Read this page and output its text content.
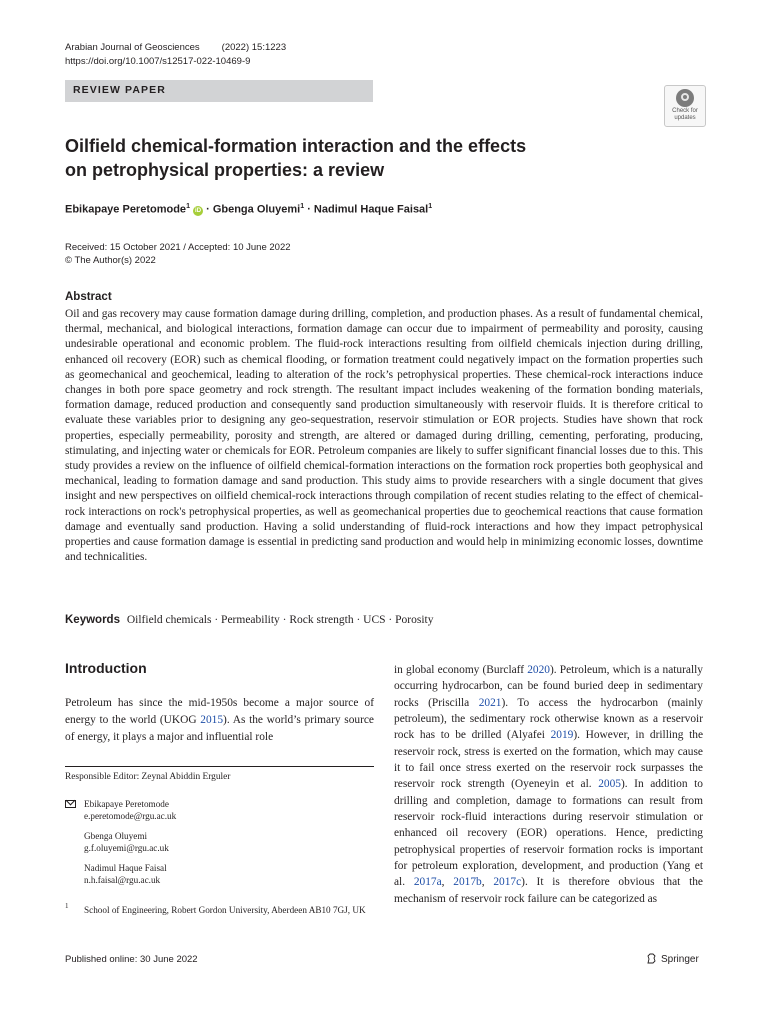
Arabian Journal of Geosciences (2022) 15:1223
https://doi.org/10.1007/s12517-022-10469-9
REVIEW PAPER
Check for
updates
Oilfield chemical-formation interaction and the effects
on petrophysical properties: a review
Ebikapaye Peretomode$^1$ iD · Gbenga Oluyemi$^1$ · Nadimul Haque Faisal$^1$
Received: 15 October 2021 / Accepted: 10 June 2022
© The Author(s) 2022
Abstract
Oil and gas recovery may cause formation damage during drilling, completion, and production phases. As a result of fundamental chemical, thermal, mechanical, and biological interactions, formation damage can occur due to impairment of permeability and porosity, causing undesirable operational and economic problem. The fluid-rock interactions resulting from oilfield chemicals injection during drilling, enhanced oil recovery (EOR) such as chemical flooding, or formation treatment could negatively impact on the formation properties such as geomechanical and geochemical, leading to alteration of the rock’s petrophysical properties. These chemical-rock interactions induce changes in both pore space geometry and rock strength. The resultant impact includes weakening of the formation bonding materials, formation damage, reduced production and consequently sand production simultaneously with reservoir fluids. It is therefore critical to evaluate these variables prior to designing any geo-sequestration, reservoir stimulation or EOR projects. Studies have shown that rock properties, especially permeability, porosity and strength, are altered or damaged during drilling, cementing, perforating, producing, stimulating, and injecting water or chemicals for EOR. Petroleum companies are likely to suffer significant financial losses due to this. This study provides a review on the influence of oilfield chemical-formation interactions on the formation rock properties both geophysical and mechanical, leading to formation damage and sand production. This study aims to provide researchers with a single document that gives insight and new perspectives on oilfield chemical-rock interactions through compilation of recent studies relating to the effect of chemical-rock interactions on rock's petrophysical properties, as well as geomechanical properties due to geochemical reactions that cause formation damage and eventually sand production. Having a solid understanding of fluid-rock interactions and how they impact petrophysical properties and cause formation damage is essential in predicting sand production and would help in minimizing economic losses, downtime and technicalities.
Keywords Oilfield chemicals · Permeability · Rock strength · UCS · Porosity
Introduction
Petroleum has since the mid-1950s become a major source of energy to the world (UKOG 2015). As the world’s primary source of energy, it plays a major and influential role
in global economy (Burclaff 2020). Petroleum, which is a naturally occurring hydrocarbon, can be found buried deep in sedimentary rocks (Priscilla 2021). To access the hydrocarbon (mainly petroleum), the sedimentary rock otherwise known as a reservoir rock has to be drilled (Alyafei 2019). However, in drilling the reservoir rock, stress is exerted on the formation, which may cause it to fail once stress exerted on the reservoir rock surpasses the reservoir rock strength (Oyeneyin et al. 2005). In addition to drilling and completion, damage to formations can result from reservoir rock-fluid interactions during reservoir stimulation or enhanced oil recovery (EOR) operations. Hence, predicting petrophysical properties of reservoir formation rocks is important for petroleum exploration, development, and production (Yang et al. 2017a, 2017b, 2017c). It is therefore obvious that the mechanism of reservoir rock failure can be categorized as
Responsible Editor: Zeynal Abiddin Erguler
Ebikapaye Peretomode
e.peretomode@rgu.ac.uk
Gbenga Oluyemi
g.f.oluyemi@rgu.ac.uk
Nadimul Haque Faisal
n.h.faisal@rgu.ac.uk
1 School of Engineering, Robert Gordon University, Aberdeen AB10 7GJ, UK
Published online: 30 June 2022	Springer
